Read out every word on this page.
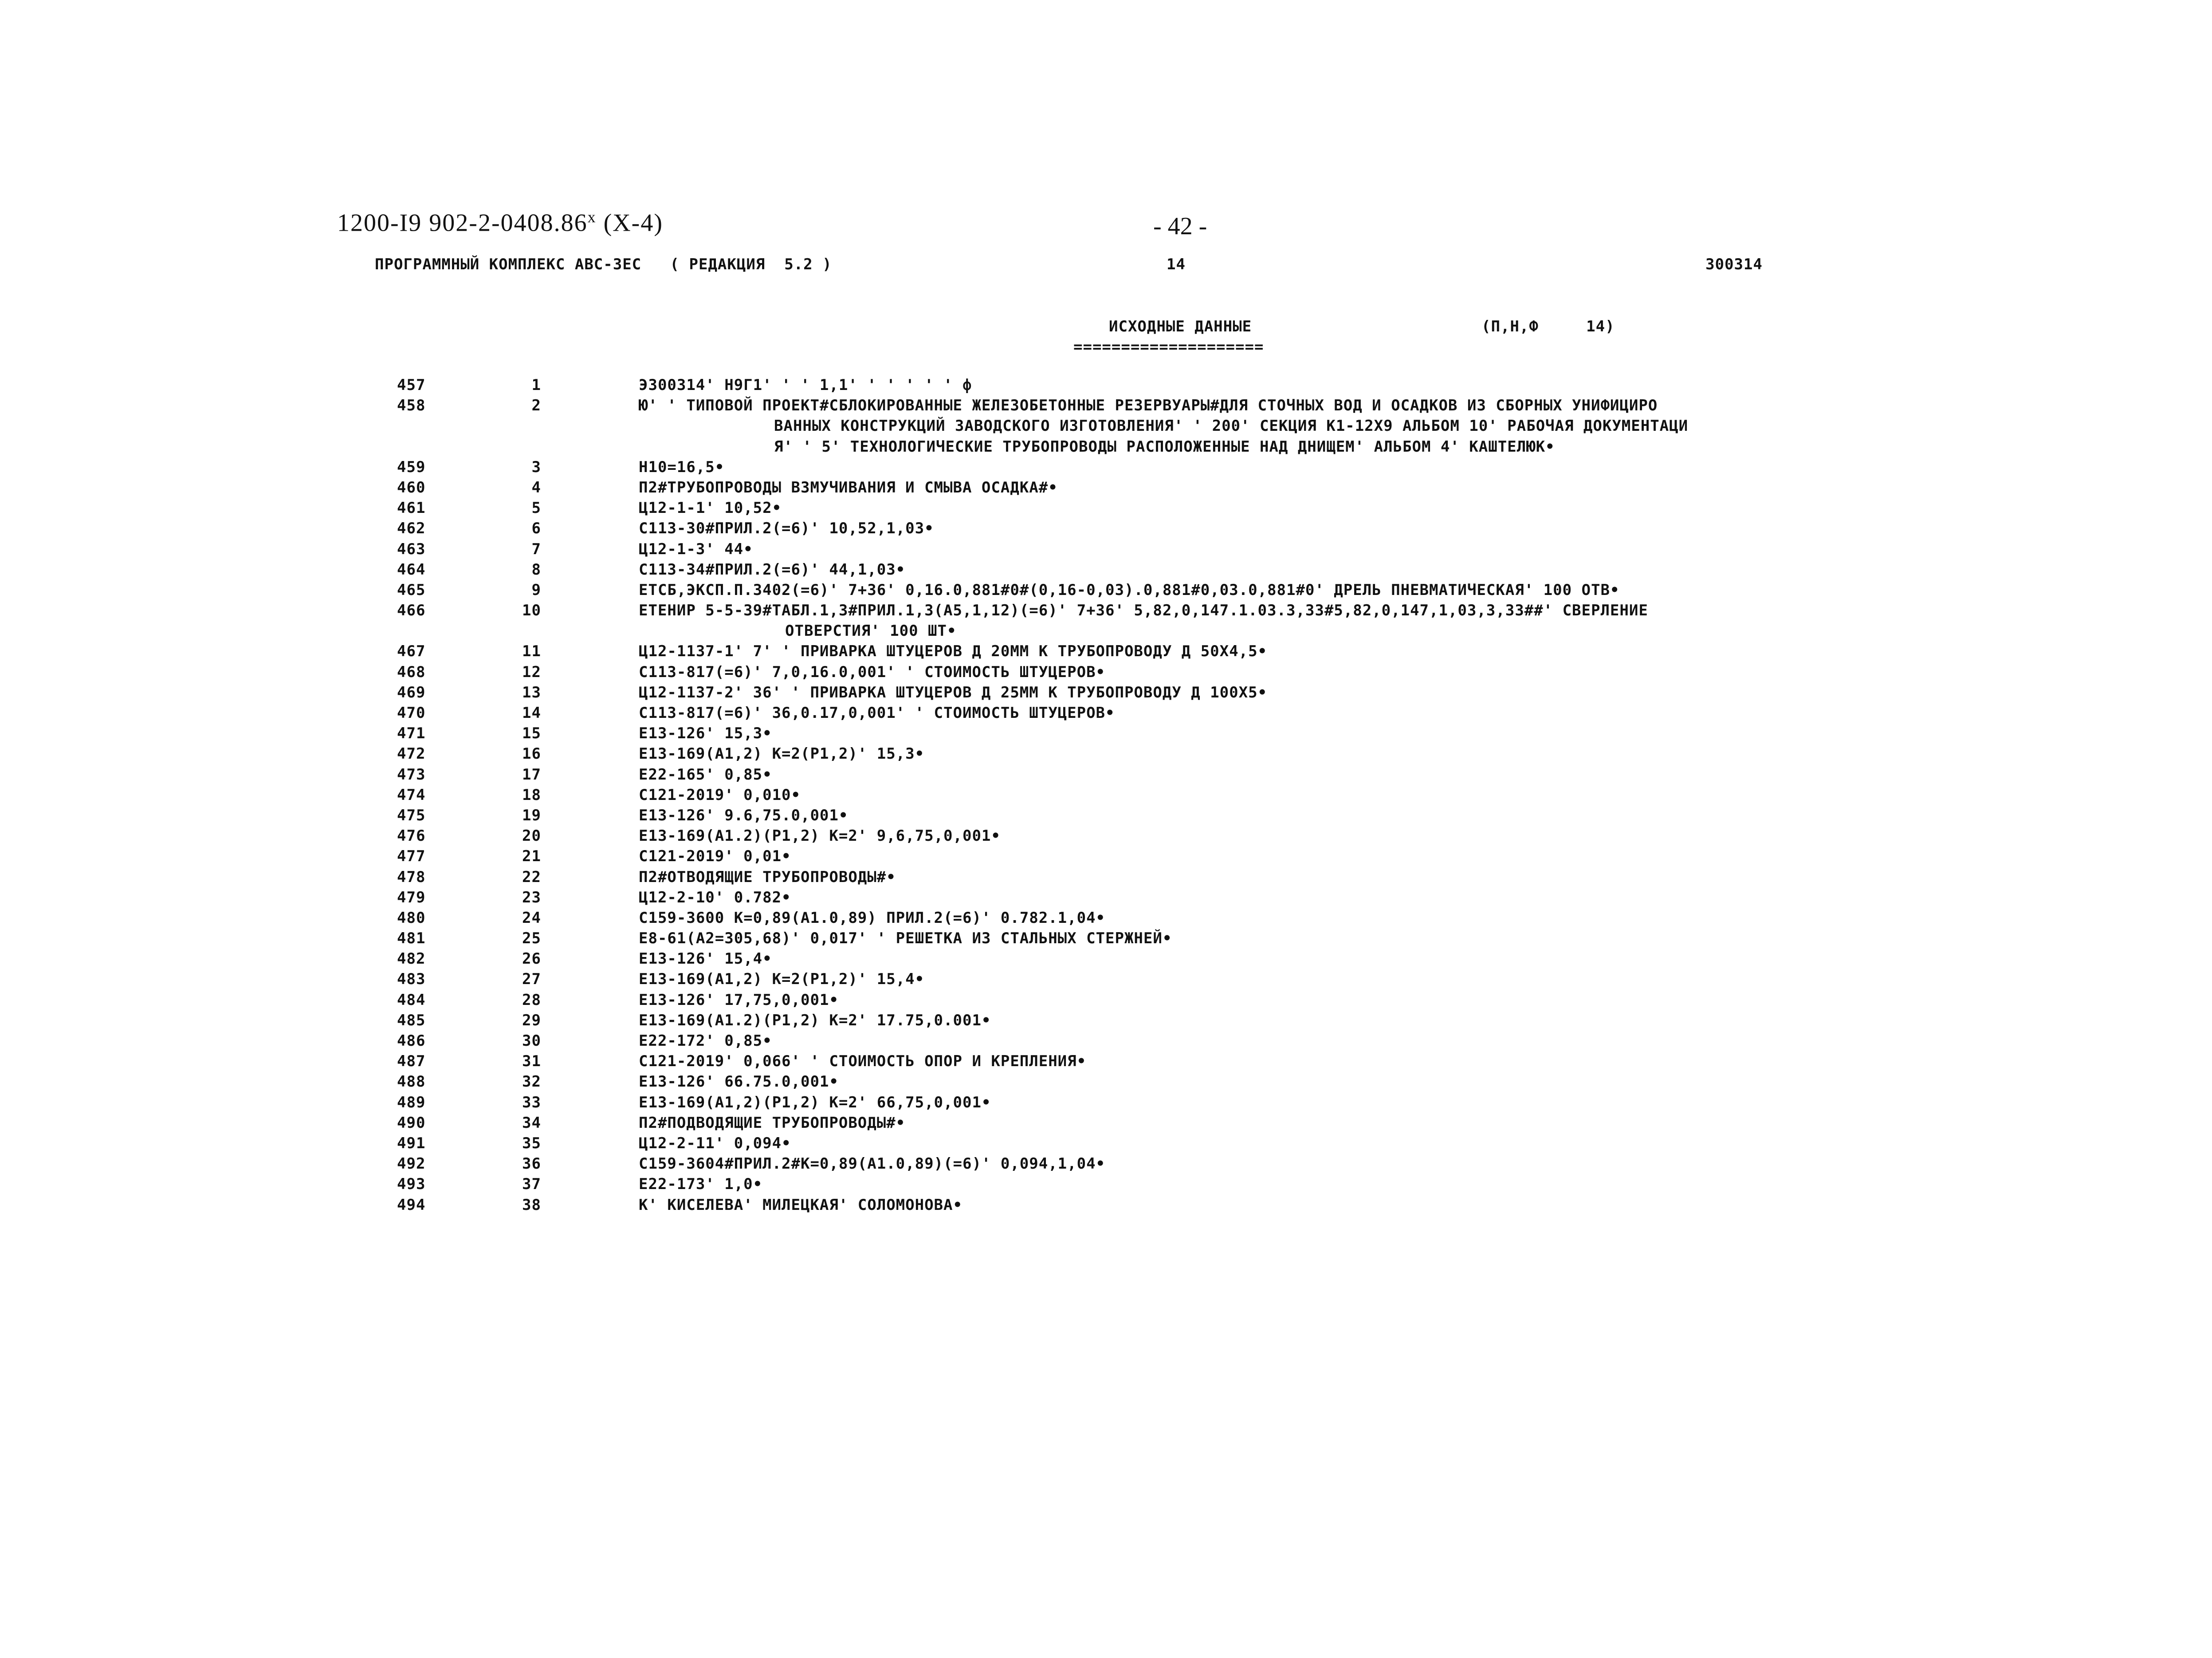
1200-I9 902-2-0408.86$^x$ (X-4)	- 42 -
ПРОГРАММНЫЙ КОМПЛЕКС АВС-ЗЕС   ( РЕДАКЦИЯ  5.2 )	14	300314
ИСХОДНЫЕ ДАННЫЕ
====================
(П,Н,Ф     14)
457	1	Э300314' Н9Г1' ' ' 1,1' ' ' ' ' ' ф
458	2	Ю' ' ТИПОВОЙ ПРОЕКТ#СБЛОКИРОВАННЫЕ ЖЕЛЕЗОБЕТОННЫЕ РЕЗЕРВУАРЫ#ДЛЯ СТОЧНЫХ ВОД И ОСАДКОВ ИЗ СБОРНЫХ УНИФИЦИРО
ВАННЫХ КОНСТРУКЦИЙ ЗАВОДСКОГО ИЗГОТОВЛЕНИЯ' ' 200' СЕКЦИЯ К1-12Х9 АЛЬБОМ 10' РАБОЧАЯ ДОКУМЕНТАЦИ
Я' ' 5' ТЕХНОЛОГИЧЕСКИЕ ТРУБОПРОВОДЫ РАСПОЛОЖЕННЫЕ НАД ДНИЩЕМ' АЛЬБОМ 4' КАШТЕЛЮК•
459	3	Н10=16,5•
460	4	П2#ТРУБОПРОВОДЫ ВЗМУЧИВАНИЯ И СМЫВА ОСАДКА#•
461	5	Ц12-1-1' 10,52•
462	6	С113-30#ПРИЛ.2(=6)' 10,52,1,03•
463	7	Ц12-1-3' 44•
464	8	С113-34#ПРИЛ.2(=6)' 44,1,03•
465	9	ЕТСБ,ЭКСП.П.3402(=6)' 7+36' 0,16.0,881#0#(0,16-0,03).0,881#0,03.0,881#0' ДРЕЛЬ ПНЕВМАТИЧЕСКАЯ' 100 ОТВ•
466	10	ЕТЕНИР 5-5-39#ТАБЛ.1,3#ПРИЛ.1,3(А5,1,12)(=6)' 7+36' 5,82,0,147.1.03.3,33#5,82,0,147,1,03,3,33##' СВЕРЛЕНИЕ
ОТВЕРСТИЯ' 100 ШТ•
467	11	Ц12-1137-1' 7' ' ПРИВАРКА ШТУЦЕРОВ Д 20ММ К ТРУБОПРОВОДУ Д 50Х4,5•
468	12	С113-817(=6)' 7,0,16.0,001' ' СТОИМОСТЬ ШТУЦЕРОВ•
469	13	Ц12-1137-2' 36' ' ПРИВАРКА ШТУЦЕРОВ Д 25ММ К ТРУБОПРОВОДУ Д 100Х5•
470	14	С113-817(=6)' 36,0.17,0,001' ' СТОИМОСТЬ ШТУЦЕРОВ•
471	15	Е13-126' 15,3•
472	16	Е13-169(А1,2) К=2(Р1,2)' 15,3•
473	17	Е22-165' 0,85•
474	18	С121-2019' 0,010•
475	19	Е13-126' 9.6,75.0,001•
476	20	Е13-169(А1.2)(Р1,2) К=2' 9,6,75,0,001•
477	21	С121-2019' 0,01•
478	22	П2#ОТВОДЯЩИЕ ТРУБОПРОВОДЫ#•
479	23	Ц12-2-10' 0.782•
480	24	С159-3600 К=0,89(А1.0,89) ПРИЛ.2(=6)' 0.782.1,04•
481	25	Е8-61(А2=305,68)' 0,017' ' РЕШЕТКА ИЗ СТАЛЬНЫХ СТЕРЖНЕЙ•
482	26	Е13-126' 15,4•
483	27	Е13-169(А1,2) К=2(Р1,2)' 15,4•
484	28	Е13-126' 17,75,0,001•
485	29	Е13-169(А1.2)(Р1,2) К=2' 17.75,0.001•
486	30	Е22-172' 0,85•
487	31	С121-2019' 0,066' ' СТОИМОСТЬ ОПОР И КРЕПЛЕНИЯ•
488	32	Е13-126' 66.75.0,001•
489	33	Е13-169(А1,2)(Р1,2) К=2' 66,75,0,001•
490	34	П2#ПОДВОДЯЩИЕ ТРУБОПРОВОДЫ#•
491	35	Ц12-2-11' 0,094•
492	36	С159-3604#ПРИЛ.2#К=0,89(А1.0,89)(=6)' 0,094,1,04•
493	37	Е22-173' 1,0•
494	38	К' КИСЕЛЕВА' МИЛЕЦКАЯ' СОЛОМОНОВА•
